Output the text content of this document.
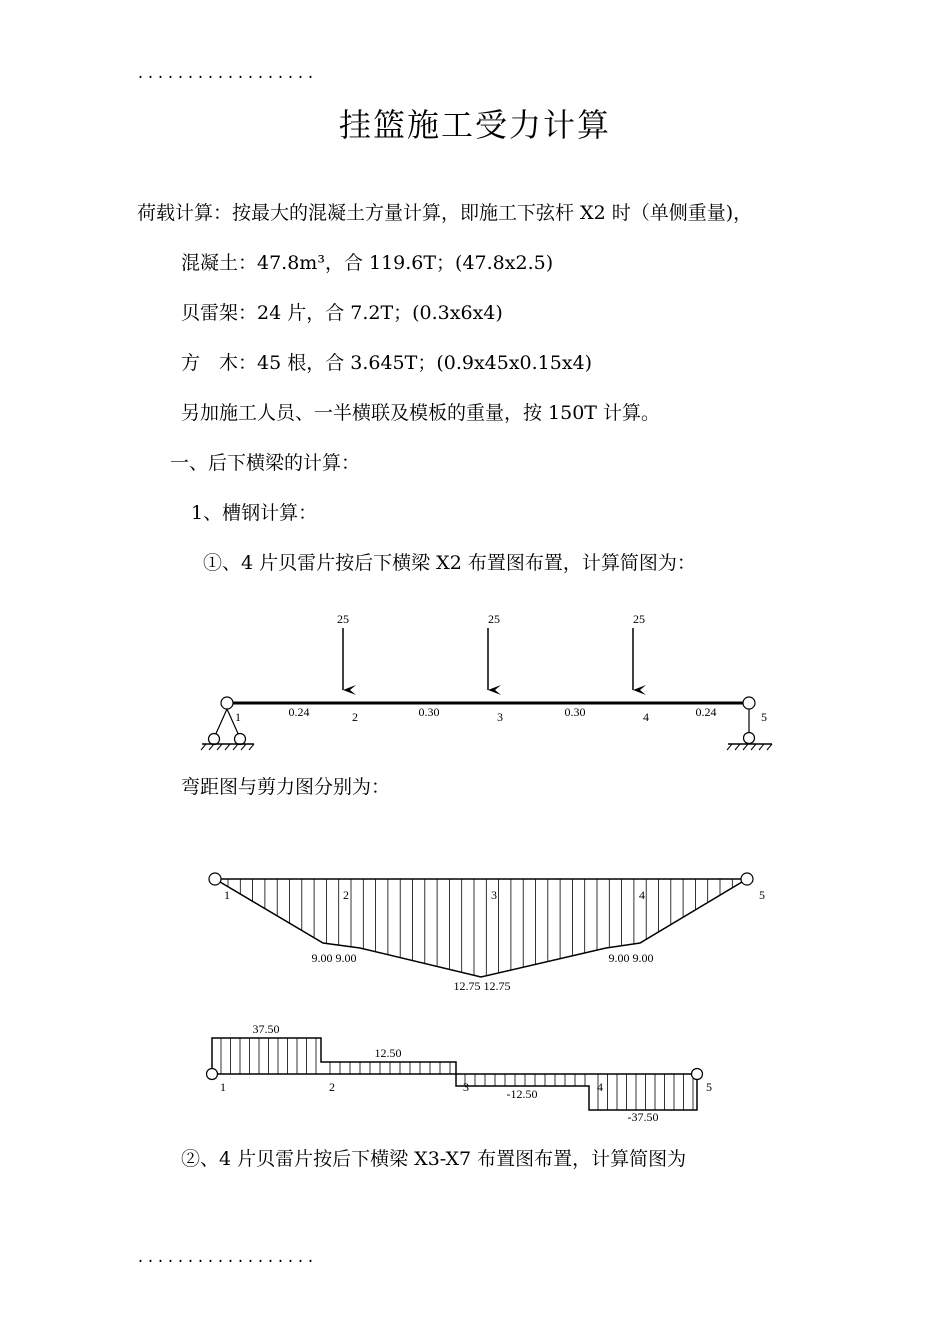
..................
挂篮施工受力计算
荷载计算：按最大的混凝土方量计算，即施工下弦杆 X2 时（单侧重量)，
混凝土：47.8m³，合 119.6T；(47.8x2.5)
贝雷架：24 片，合 7.2T；(0.3x6x4)
方　木：45 根，合 3.645T；(0.9x45x0.15x4)
另加施工人员、一半横联及模板的重量，按 150T 计算。
一、后下横梁的计算：
1、槽钢计算：
①、4 片贝雷片按后下横梁 X2 布置图布置，计算简图为：
弯距图与剪力图分别为：
②、4 片贝雷片按后下横梁 X3-X7 布置图布置，计算简图为
..................
25	25	25
0.24	0.30	0.30	0.24
1	2	3	4	5
1	2	3	4	5
9.00 9.00
12.75 12.75
9.00 9.00
1	2	3	4	5
37.50
12.50
-12.50
-37.50
